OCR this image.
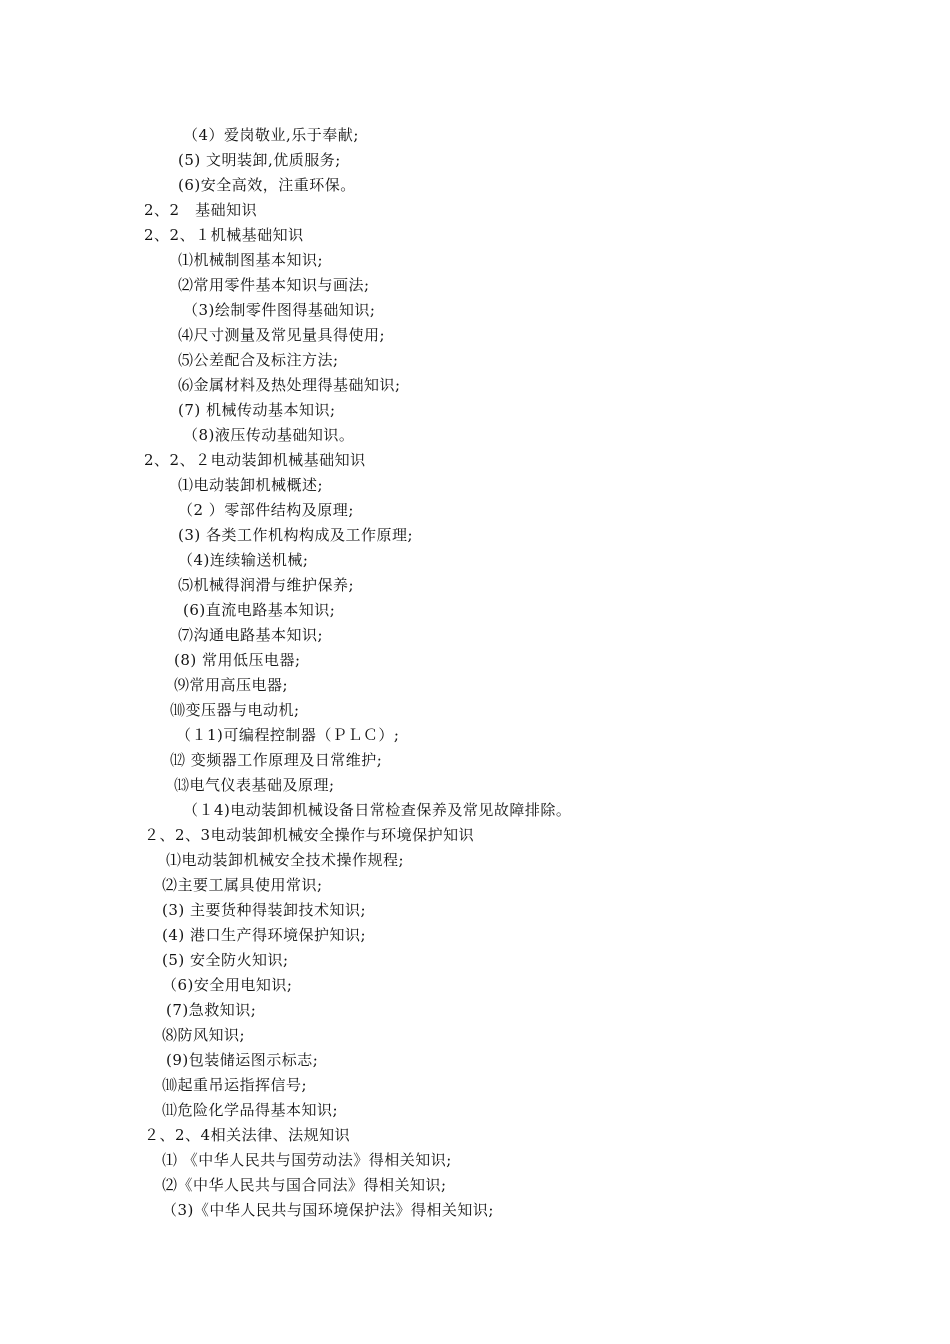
（4）爱岗敬业,乐于奉献;
(5) 文明装卸,优质服务;
(6)安全高效，注重环保。
2、2　基础知识
2、2、１机械基础知识
⑴机械制图基本知识;
⑵常用零件基本知识与画法;
（3)绘制零件图得基础知识;
⑷尺寸测量及常见量具得使用;
⑸公差配合及标注方法;
⑹金属材料及热处理得基础知识;
(7) 机械传动基本知识;
（8)液压传动基础知识。
2、2、２电动装卸机械基础知识
⑴电动装卸机械概述;
（2 ）零部件结构及原理;
(3) 各类工作机构构成及工作原理;
（4)连续输送机械;
⑸机械得润滑与维护保养;
(6)直流电路基本知识;
⑺沟通电路基本知识;
(8) 常用低压电器;
⑼常用高压电器;
⑽变压器与电动机;
（１1)可编程控制器（ＰＬＣ）;
⑿ 变频器工作原理及日常维护;
⒀电气仪表基础及原理;
（１4)电动装卸机械设备日常检查保养及常见故障排除。
２、2、3电动装卸机械安全操作与环境保护知识
⑴电动装卸机械安全技术操作规程;
⑵主要工属具使用常识;
(3) 主要货种得装卸技术知识;
(4) 港口生产得环境保护知识;
(5) 安全防火知识;
（6)安全用电知识;
(7)急救知识;
⑻防风知识;
(9)包装储运图示标志;
⑽起重吊运指挥信号;
⑾危险化学品得基本知识;
２、2、4相关法律、法规知识
⑴ 《中华人民共与国劳动法》得相关知识;
⑵《中华人民共与国合同法》得相关知识;
（3)《中华人民共与国环境保护法》得相关知识;
